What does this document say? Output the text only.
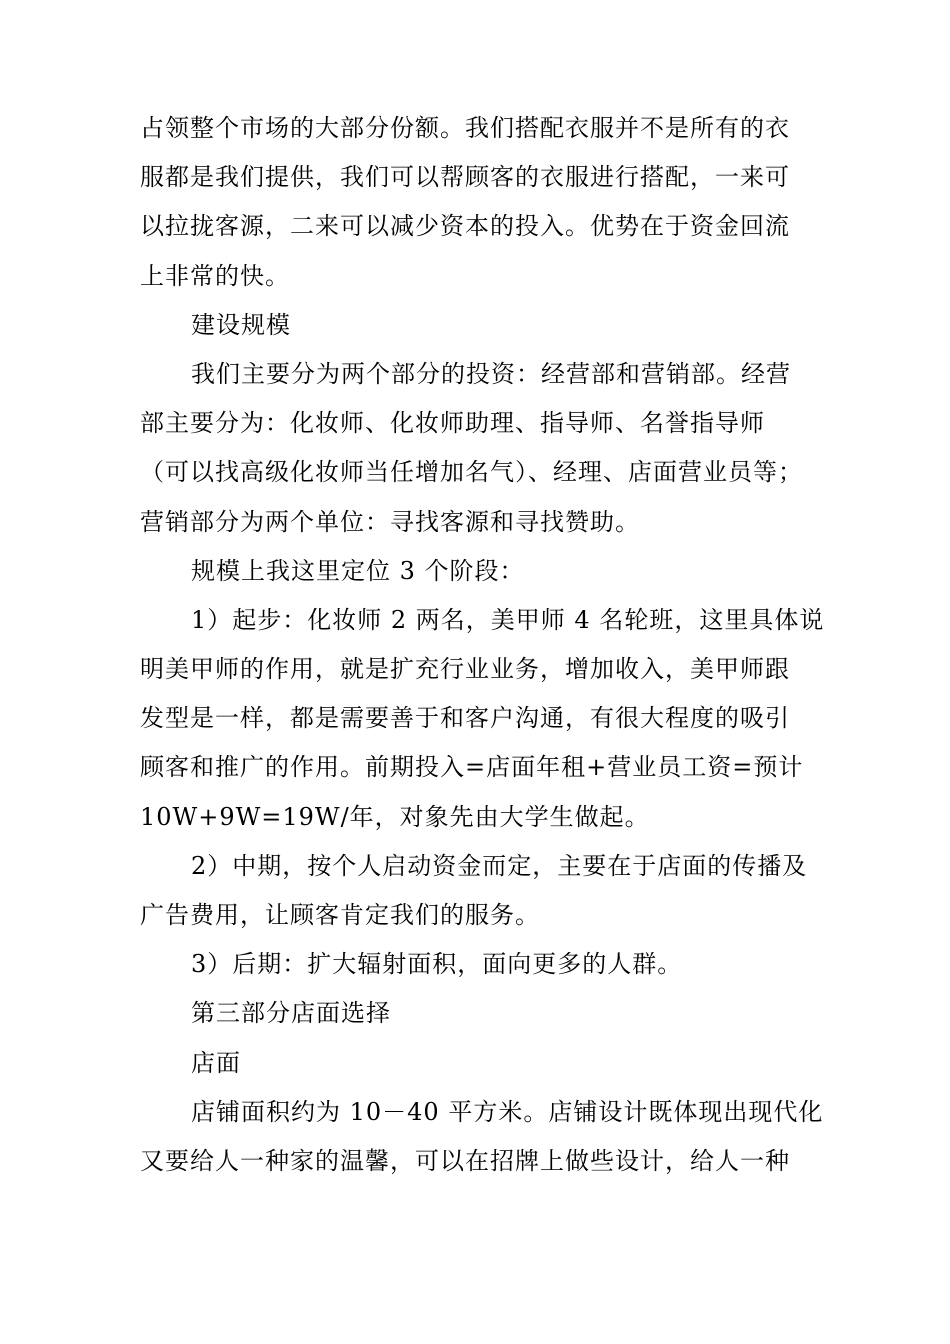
占领整个市场的大部分份额。我们搭配衣服并不是所有的衣
服都是我们提供，我们可以帮顾客的衣服进行搭配，一来可
以拉拢客源，二来可以减少资本的投入。优势在于资金回流
上非常的快。
建设规模
我们主要分为两个部分的投资：经营部和营销部。经营
部主要分为：化妆师、化妆师助理、指导师、名誉指导师
（可以找高级化妆师当任增加名气）、经理、店面营业员等；
营销部分为两个单位：寻找客源和寻找赞助。
规模上我这里定位 3 个阶段：
1）起步：化妆师 2 两名，美甲师 4 名轮班，这里具体说
明美甲师的作用，就是扩充行业业务，增加收入，美甲师跟
发型是一样，都是需要善于和客户沟通，有很大程度的吸引
顾客和推广的作用。前期投入=店面年租+营业员工资=预计
10W+9W=19W/年，对象先由大学生做起。
2）中期，按个人启动资金而定，主要在于店面的传播及
广告费用，让顾客肯定我们的服务。
3）后期：扩大辐射面积，面向更多的人群。
第三部分店面选择
店面
店铺面积约为 10－40 平方米。店铺设计既体现出现代化
又要给人一种家的温馨，可以在招牌上做些设计，给人一种
